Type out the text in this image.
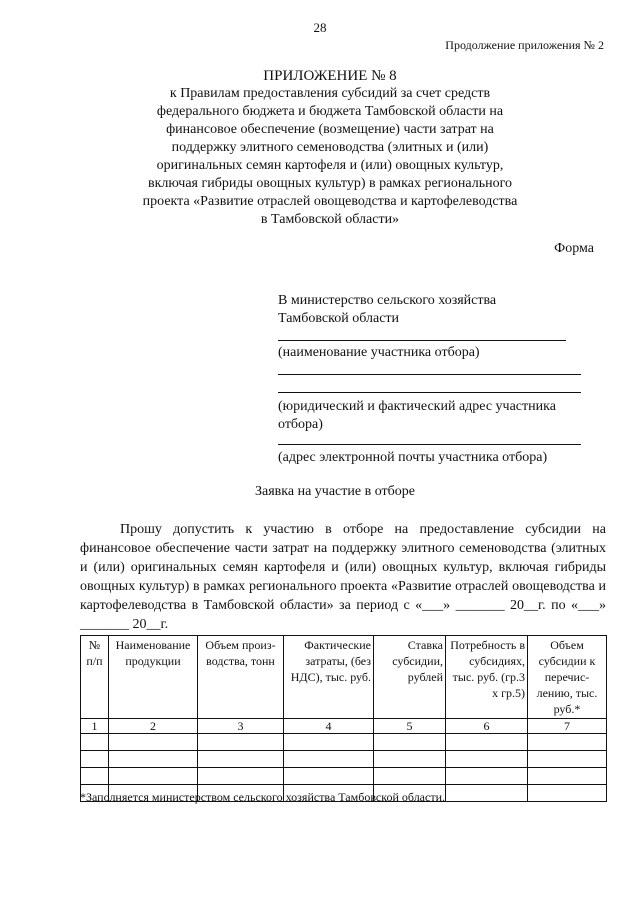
28
Продолжение приложения № 2
ПРИЛОЖЕНИЕ № 8
к Правилам предоставления субсидий за счет средств федерального бюджета и бюджета Тамбовской области на финансовое обеспечение (возмещение) части затрат на поддержку элитного семеноводства (элитных и (или) оригинальных семян картофеля и (или) овощных культур, включая гибриды овощных культур) в рамках регионального проекта «Развитие отраслей овощеводства и картофелеводства в Тамбовской области»
Форма
В министерство сельского хозяйства
Тамбовской области
(наименование участника отбора)
(юридический и фактический адрес участника
отбора)
(адрес электронной почты участника отбора)
Заявка на участие в отборе

Прошу допустить к участию в отборе на предоставление субсидии на финансовое обеспечение части затрат на поддержку элитного семеноводства (элитных и (или) оригинальных семян картофеля и (или) овощных культур, включая гибриды овощных культур) в рамках регионального проекта «Развитие отраслей овощеводства и картофелеводства в Тамбовской области» за период с «___» _______ 20__г. по «___» _______ 20__г.

№ п/п	Наименование продукции	Объем произ-водства, тонн	Фактические затраты, (без НДС), тыс. руб.	Ставка субсидии, рублей	Потребность в субсидиях, тыс. руб. (гр.3 х гр.5)	Объем субсидии к перечис-лению, тыс. руб.*
1	2	3	4	5	6	7

*Заполняется министерством сельского хозяйства Тамбовской области.
